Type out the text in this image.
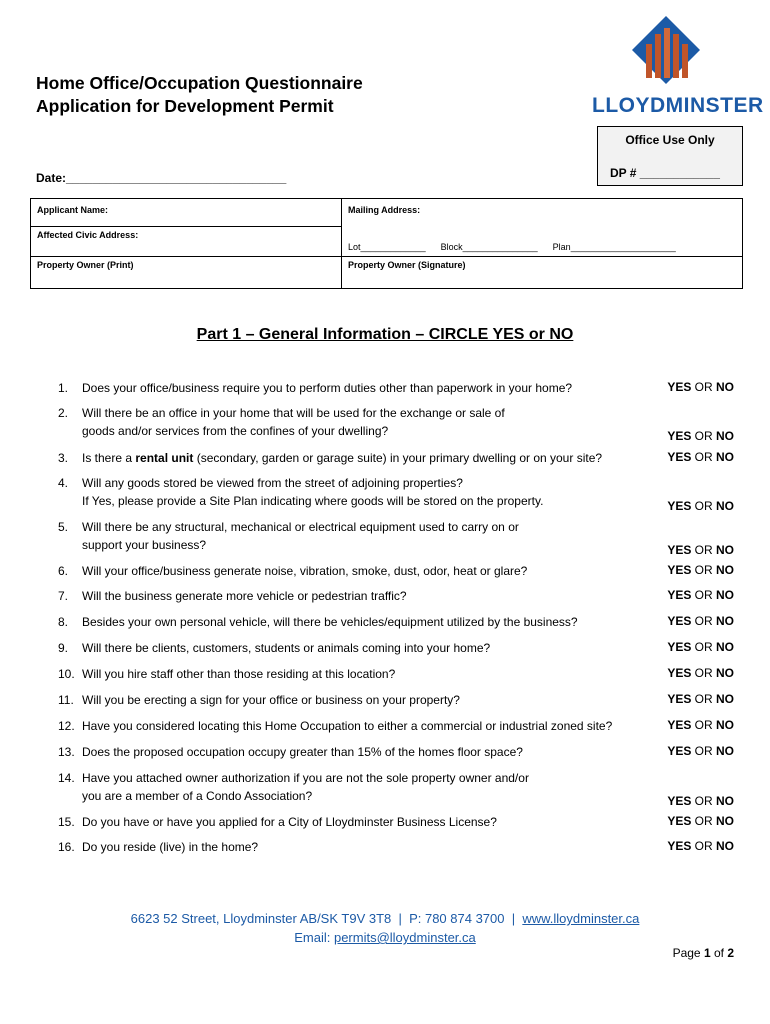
Home Office/Occupation Questionnaire
Application for Development Permit	LLOYDMINSTER
Office Use Only
DP # ____________
Date:_________________________________
Applicant Name:	Mailing Address:
Affected Civic Address:
Lot_____________      Block_______________      Plan_____________________
Property Owner (Print)	Property Owner (Signature)
Part 1 – General Information – CIRCLE YES or NO
1. Does your office/business require you to perform duties other than paperwork in your home?	YES OR NO
2. Will there be an office in your home that will be used for the exchange or sale of
goods and/or services from the confines of your dwelling?	YES OR NO
3. Is there a rental unit (secondary, garden or garage suite) in your primary dwelling or on your site?	YES OR NO
4. Will any goods stored be viewed from the street of adjoining properties?
If Yes, please provide a Site Plan indicating where goods will be stored on the property.	YES OR NO
5. Will there be any structural, mechanical or electrical equipment used to carry on or
support your business?	YES OR NO
6. Will your office/business generate noise, vibration, smoke, dust, odor, heat or glare?	YES OR NO
7. Will the business generate more vehicle or pedestrian traffic?	YES OR NO
8. Besides your own personal vehicle, will there be vehicles/equipment utilized by the business?	YES OR NO
9. Will there be clients, customers, students or animals coming into your home?	YES OR NO
10. Will you hire staff other than those residing at this location?	YES OR NO
11. Will you be erecting a sign for your office or business on your property?	YES OR NO
12. Have you considered locating this Home Occupation to either a commercial or industrial zoned site?	YES OR NO
13. Does the proposed occupation occupy greater than 15% of the homes floor space?	YES OR NO
14. Have you attached owner authorization if you are not the sole property owner and/or
you are a member of a Condo Association?	YES OR NO
15. Do you have or have you applied for a City of Lloydminster Business License?	YES OR NO
16. Do you reside (live) in the home?	YES OR NO
6623 52 Street, Lloydminster AB/SK T9V 3T8  |  P: 780 874 3700  |  www.lloydminster.ca
Email: permits@lloydminster.ca
Page 1 of 2
